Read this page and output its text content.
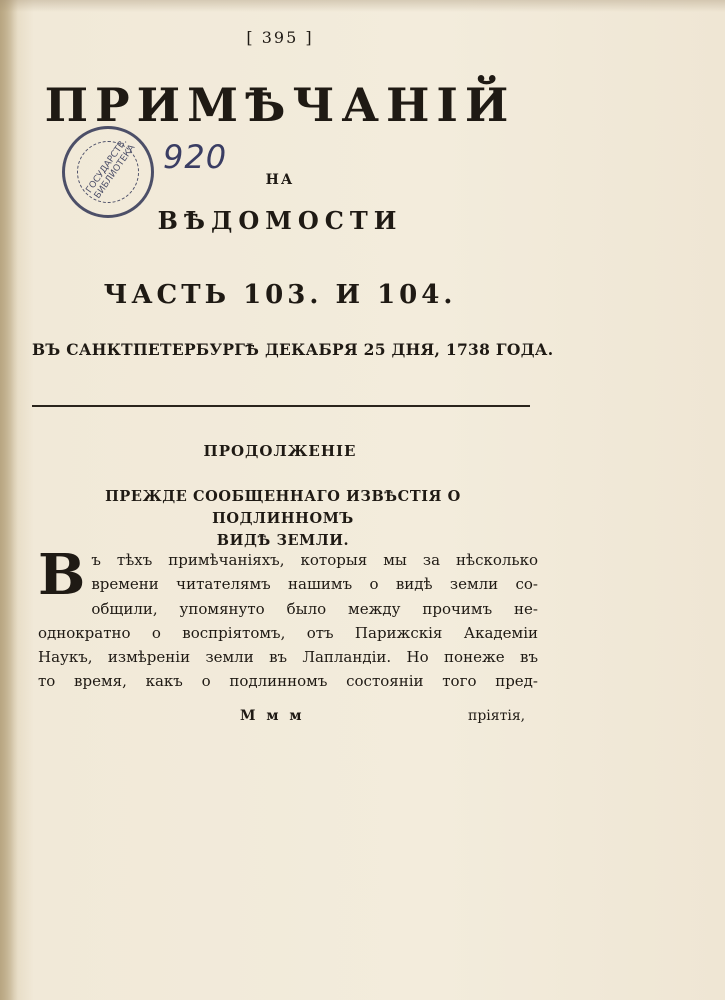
[ 395 ]
ПРИМѢЧАНІЙ
НА
ВѢДОМОСТИ
ЧАСТЬ 103. И 104.
ВЪ САНКТПЕТЕРБУРГѢ ДЕКАБРЯ 25 ДНЯ, 1738 ГОДА.
ПРОДОЛЖЕНІЕ
ПРЕЖДЕ СООБЩЕННАГО ИЗВѢСТІЯ О ПОДЛИННОМЪ
ВИДѢ ЗЕМЛИ.
В ъ тѣхъ примѣчаніяхъ, которыя мы за нѣсколько
времени читателямъ нашимъ о видѣ земли со-
общили, упомянуто было между прочимъ не-
однократно о воспріятомъ, отъ Парижскія Академіи
Наукъ, измѣреніи земли въ Лапландіи. Но понеже въ
то время, какъ о подлинномъ состояніи того пред-
М м м	пріятія,
ГОСУДАРСТВ. БИБЛИОТЕКА 920
